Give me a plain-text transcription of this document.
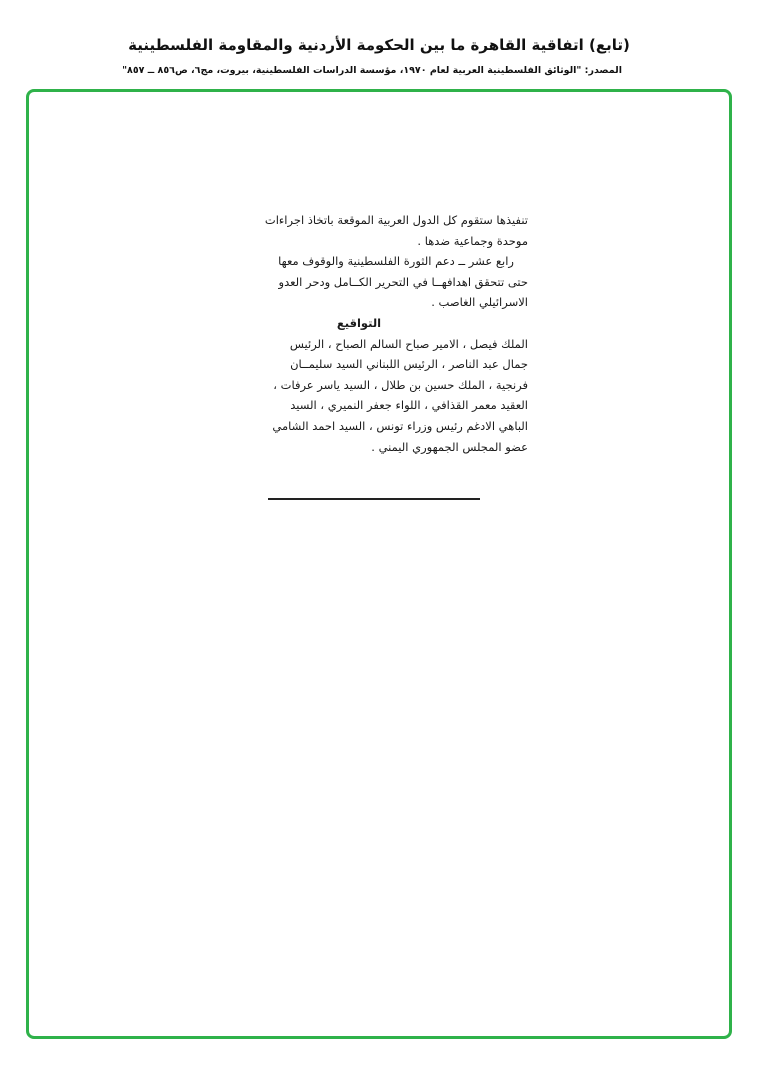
(تابع) اتفاقية القاهرة ما بين الحكومة الأردنية والمقاومة الفلسطينية
المصدر: "الوثائق الفلسطينية العربية لعام ١٩٧٠، مؤسسة الدراسات الفلسطينية، بيروت، مج٦، ص٨٥٦ ــ ٨٥٧"
تنفيذها ستقوم كل الدول العربية الموقعة باتخاذ اجراءات
موحدة وجماعية ضدها .
رابع عشر ــ دعم الثورة الفلسطينية والوقوف معها
حتى تتحقق اهدافهــا في التحرير الكــامل ودحر العدو
الاسرائيلي الغاصب .
التواقيع
الملك فيصل ، الامير صباح السالم الصباح ، الرئيس
جمال عبد الناصر ، الرئيس اللبناني السيد سليمــان
فرنجية ، الملك حسين بن طلال ، السيد ياسر عرفات ،
العقيد معمر القذافي ، اللواء جعفر النميري ، السيد
الباهي الادغم رئيس وزراء تونس ، السيد احمد الشامي
عضو المجلس الجمهوري اليمني .
